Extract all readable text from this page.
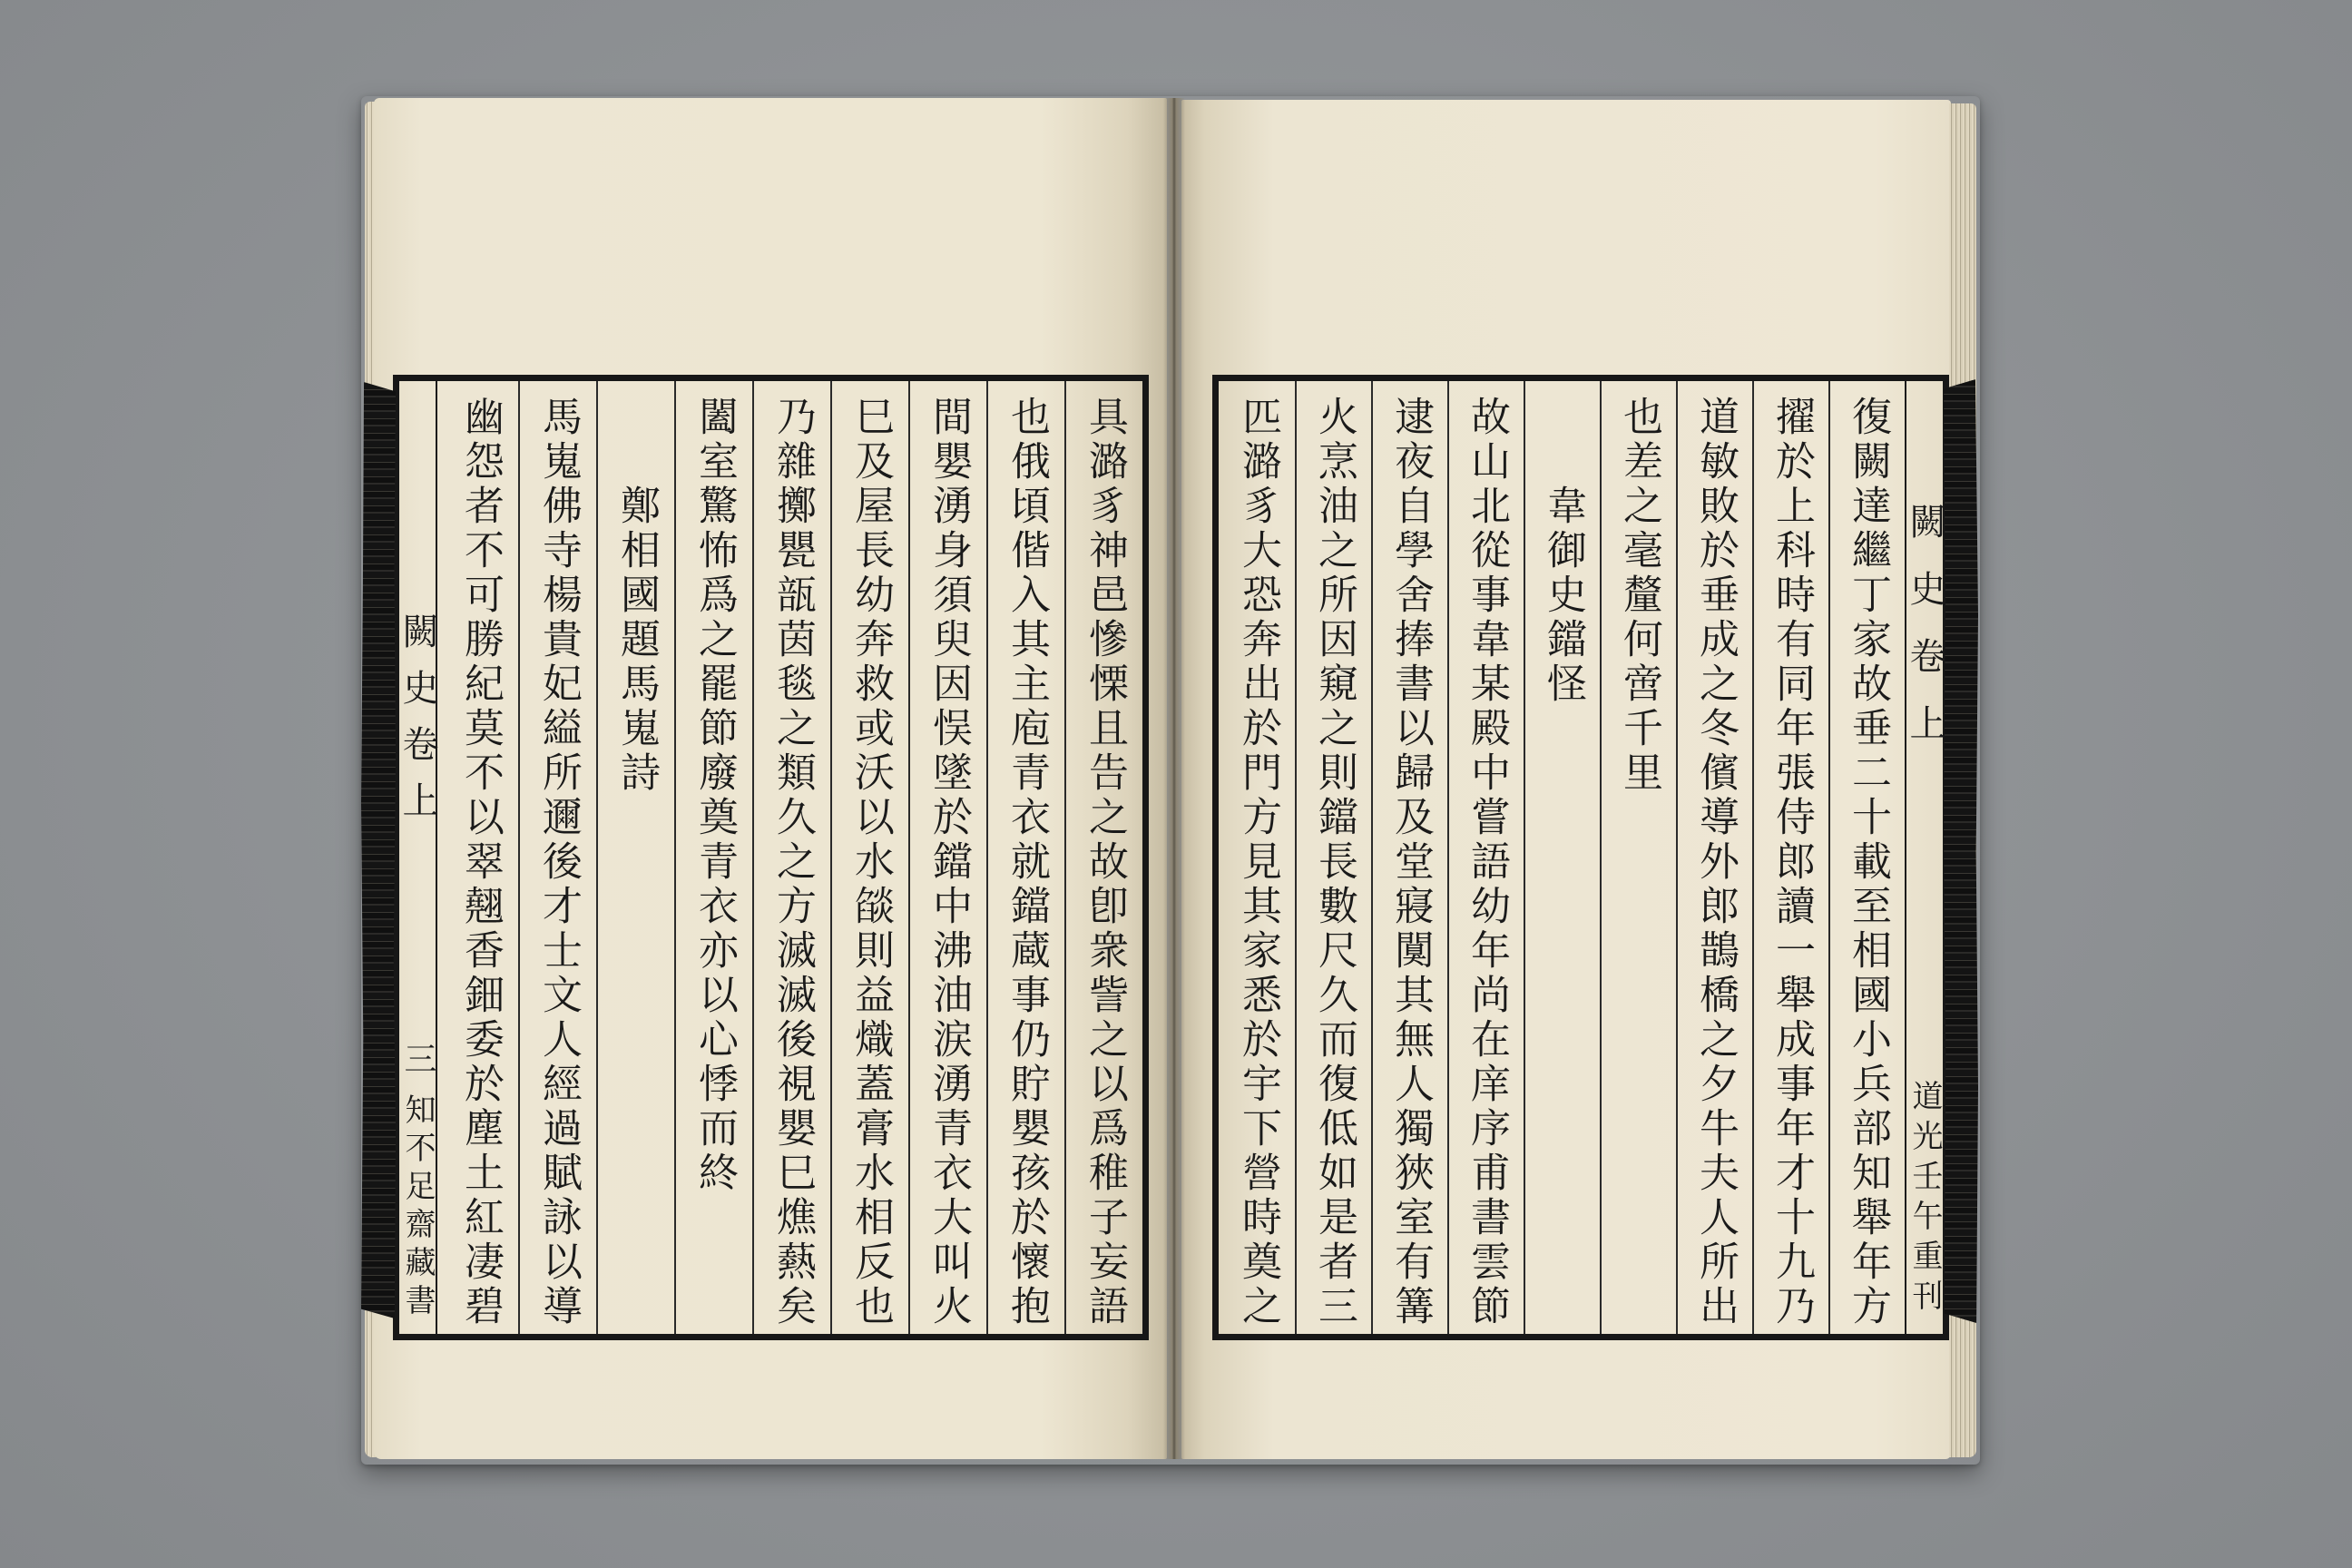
闕史卷上
三
知不足齋藏書	具潞豸神邑慘慄且告之故卽衆訾之以爲稚子妄語
也俄頃偕入其主庖青衣就鐺蔵事仍貯嬰孩於懷抱
間嬰湧身須臾因悮墜於鐺中沸油涙湧青衣大叫火
巳及屋長幼奔救或沃以水燄則益熾蓋膏水相反也
乃雜擲甖瓿茵毯之類久之方滅滅後視嬰巳燋爇矣
闔室驚怖爲之罷節廢奠青衣亦以心悸而終
鄭相國題馬嵬詩
馬嵬佛寺楊貴妃縊所邇後才士文人經過賦詠以導
幽怨者不可勝紀莫不以翠翹香鈿委於塵土紅凄碧	復闕達繼丁家故垂二十載至相國小兵部知舉年方
擢於上科時有同年張侍郎讀一舉成事年才十九乃
道敏敗於垂成之冬儐導外郎鵲橋之夕牛夫人所出
也差之毫釐何啻千里
韋御史鐺怪
故山北從事韋某殿中嘗語幼年尚在庠序甫書雲節
逮夜自學舍捧書以歸及堂寢闃其無人獨狹室有篝
火烹油之所因窺之則鐺長數尺久而復低如是者三
匹潞豸大恐奔出於門方見其家悉於宇下營時奠之	闕史卷上
道光壬午重刊
